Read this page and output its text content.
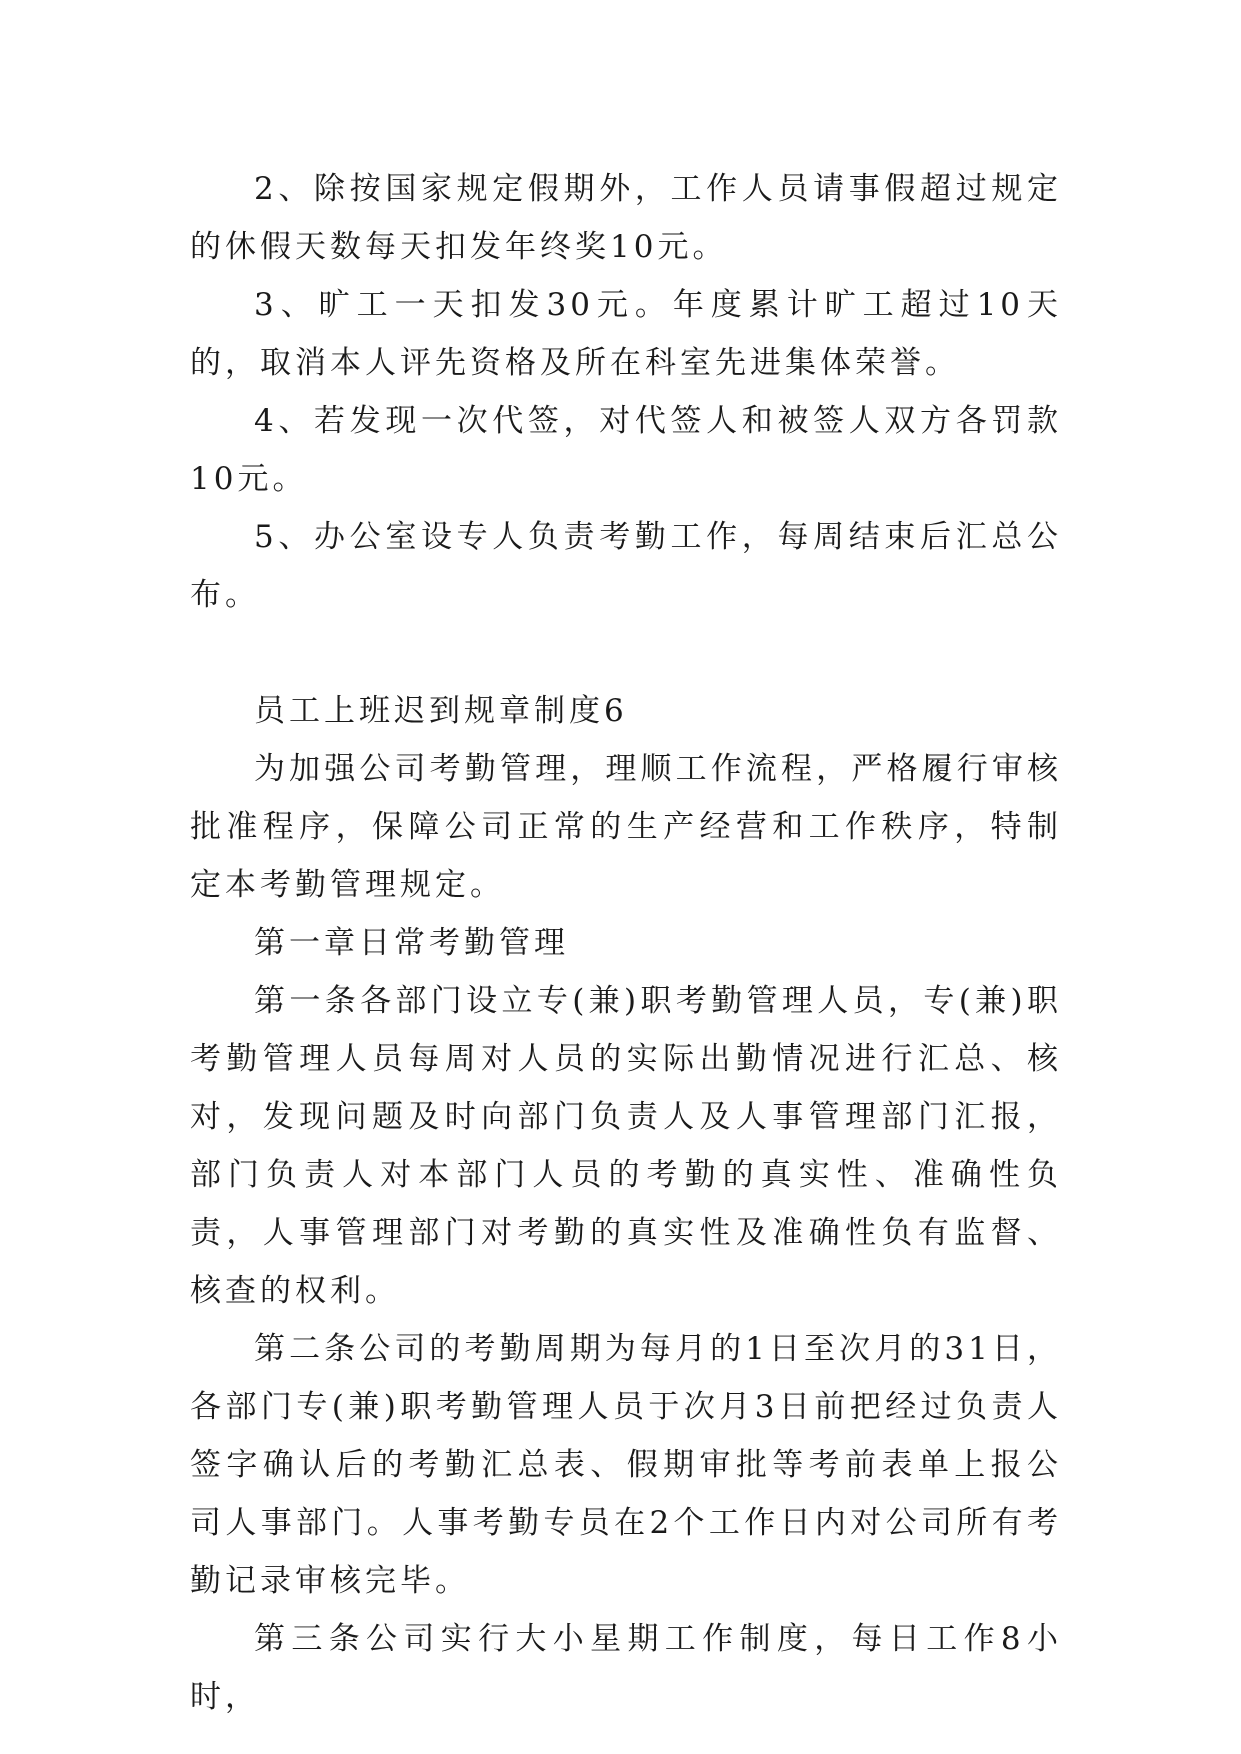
2、除按国家规定假期外，工作人员请事假超过规定的休假天数每天扣发年终奖10元。

3、旷工一天扣发30元。年度累计旷工超过10天的，取消本人评先资格及所在科室先进集体荣誉。

4、若发现一次代签，对代签人和被签人双方各罚款10元。

5、办公室设专人负责考勤工作，每周结束后汇总公布。

员工上班迟到规章制度6

为加强公司考勤管理，理顺工作流程，严格履行审核批准程序，保障公司正常的生产经营和工作秩序，特制定本考勤管理规定。

第一章日常考勤管理

第一条各部门设立专(兼)职考勤管理人员，专(兼)职考勤管理人员每周对人员的实际出勤情况进行汇总、核对，发现问题及时向部门负责人及人事管理部门汇报，部门负责人对本部门人员的考勤的真实性、准确性负责，人事管理部门对考勤的真实性及准确性负有监督、核查的权利。

第二条公司的考勤周期为每月的1日至次月的31日，各部门专(兼)职考勤管理人员于次月3日前把经过负责人签字确认后的考勤汇总表、假期审批等考前表单上报公司人事部门。人事考勤专员在2个工作日内对公司所有考勤记录审核完毕。

第三条公司实行大小星期工作制度，每日工作8小时，
